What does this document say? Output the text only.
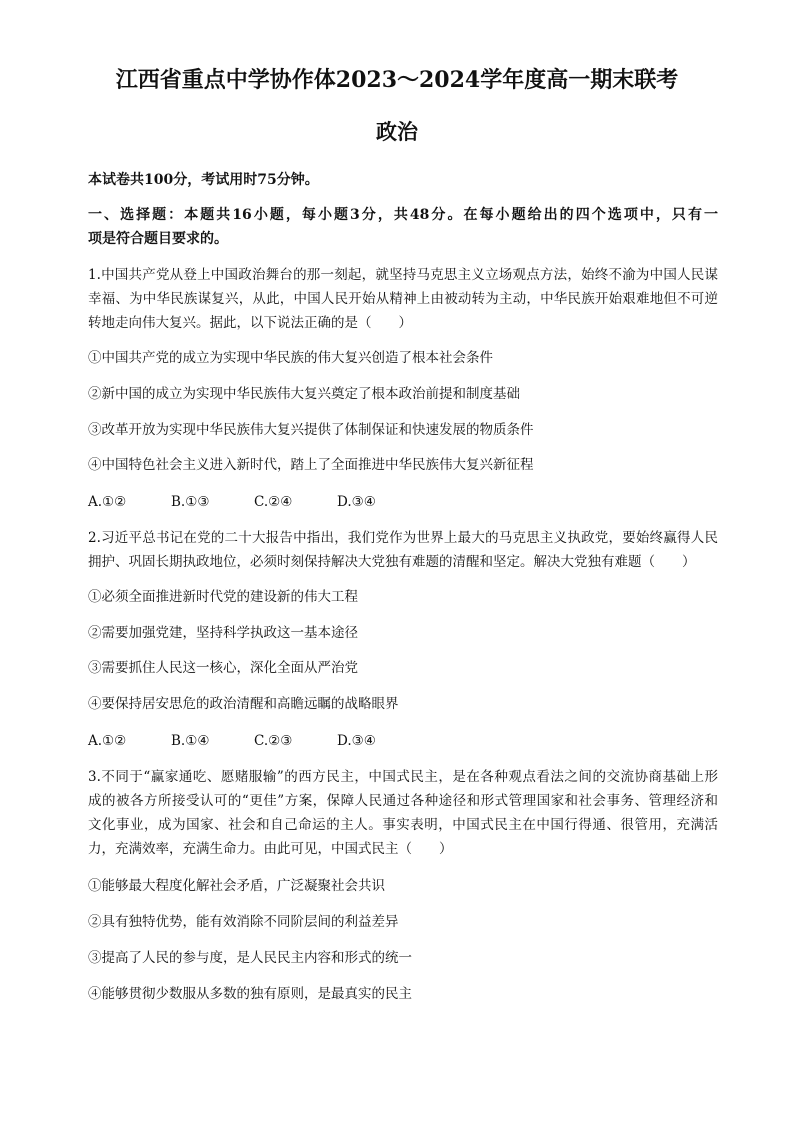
江西省重点中学协作体2023～2024学年度高一期末联考
政治
本试卷共100分，考试用时75分钟。
一、选择题：本题共16小题，每小题3分，共48分。在每小题给出的四个选项中，只有一
项是符合题目要求的。
1.中国共产党从登上中国政治舞台的那一刻起，就坚持马克思主义立场观点方法，始终不渝为中国人民谋
幸福、为中华民族谋复兴，从此，中国人民开始从精神上由被动转为主动，中华民族开始艰难地但不可逆
转地走向伟大复兴。据此，以下说法正确的是（　　）
①中国共产党的成立为实现中华民族的伟大复兴创造了根本社会条件
②新中国的成立为实现中华民族伟大复兴奠定了根本政治前提和制度基础
③改革开放为实现中华民族伟大复兴提供了体制保证和快速发展的物质条件
④中国特色社会主义进入新时代，踏上了全面推进中华民族伟大复兴新征程
A.①②	B.①③	C.②④	D.③④
2.习近平总书记在党的二十大报告中指出，我们党作为世界上最大的马克思主义执政党，要始终赢得人民
拥护、巩固长期执政地位，必须时刻保持解决大党独有难题的清醒和坚定。解决大党独有难题（　　）
①必须全面推进新时代党的建设新的伟大工程
②需要加强党建，坚持科学执政这一基本途径
③需要抓住人民这一核心，深化全面从严治党
④要保持居安思危的政治清醒和高瞻远瞩的战略眼界
A.①②	B.①④	C.②③	D.③④
3.不同于“赢家通吃、愿赌服输”的西方民主，中国式民主，是在各种观点看法之间的交流协商基础上形
成的被各方所接受认可的“更佳”方案，保障人民通过各种途径和形式管理国家和社会事务、管理经济和
文化事业，成为国家、社会和自己命运的主人。事实表明，中国式民主在中国行得通、很管用，充满活
力，充满效率，充满生命力。由此可见，中国式民主（　　）
①能够最大程度化解社会矛盾，广泛凝聚社会共识
②具有独特优势，能有效消除不同阶层间的利益差异
③提高了人民的参与度，是人民民主内容和形式的统一
④能够贯彻少数服从多数的独有原则，是最真实的民主
